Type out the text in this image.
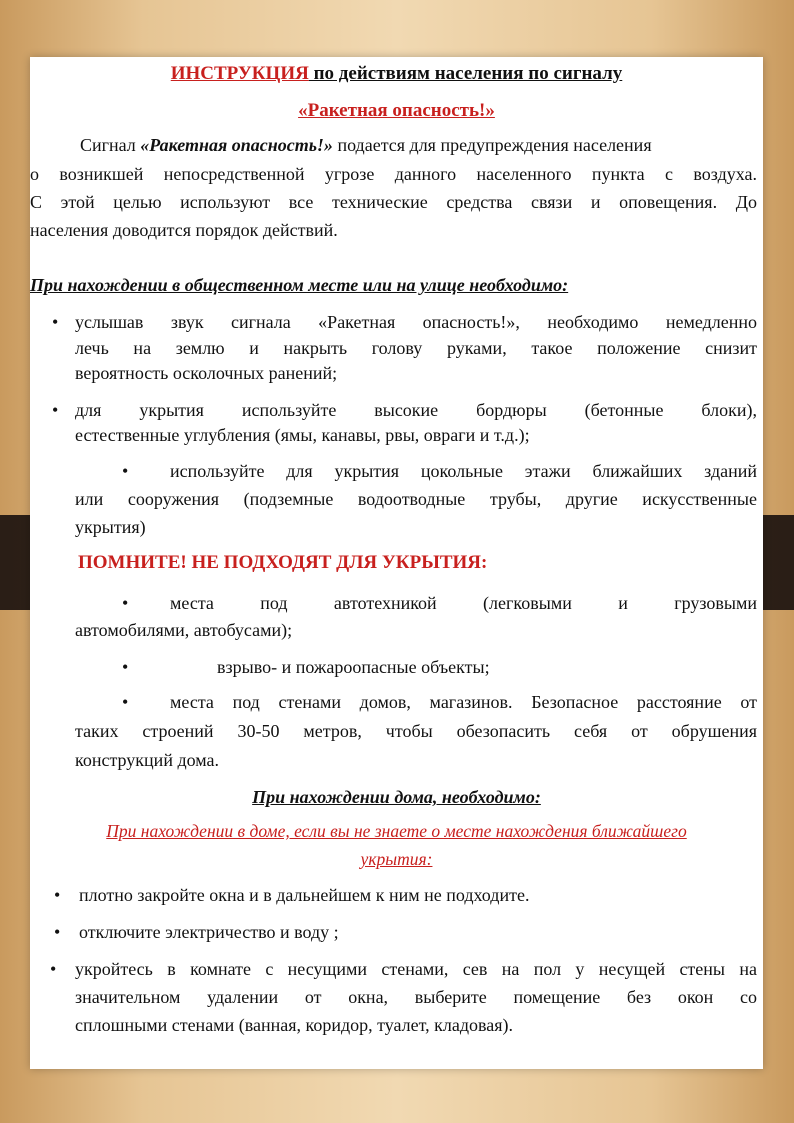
ИНСТРУКЦИЯ по действиям населения по сигналу
«Ракетная опасность!»
Сигнал «Ракетная опасность!» подается для предупреждения населения
о возникшей непосредственной угрозе данного населенного пункта с воздуха.
С этой целью используют все технические средства связи и оповещения. До
населения доводится порядок действий.
При нахождении в общественном месте или на улице необходимо:
• услышав звук сигнала «Ракетная опасность!», необходимо немедленно
лечь на землю и накрыть голову руками, такое положение снизит
вероятность осколочных ранений;
• для укрытия используйте высокие бордюры (бетонные блоки),
естественные углубления (ямы, канавы, рвы, овраги и т.д.);
• используйте для укрытия цокольные этажи ближайших зданий
или сооружения (подземные водоотводные трубы, другие искусственные
укрытия)
ПОМНИТЕ! НЕ ПОДХОДЯТ ДЛЯ УКРЫТИЯ:
• места под автотехникой (легковыми и грузовыми
автомобилями, автобусами);
•	взрыво- и пожароопасные объекты;
• места под стенами домов, магазинов. Безопасное расстояние от
таких строений 30-50 метров, чтобы обезопасить себя от обрушения
конструкций дома.
При нахождении дома, необходимо:
При нахождении в доме, если вы не знаете о месте нахождения ближайшего
укрытия:
• плотно закройте окна и в дальнейшем к ним не подходите.
• отключите электричество и воду ;
• укройтесь в комнате с несущими стенами, сев на пол у несущей стены на
значительном удалении от окна, выберите помещение без окон со
сплошными стенами (ванная, коридор, туалет, кладовая).
